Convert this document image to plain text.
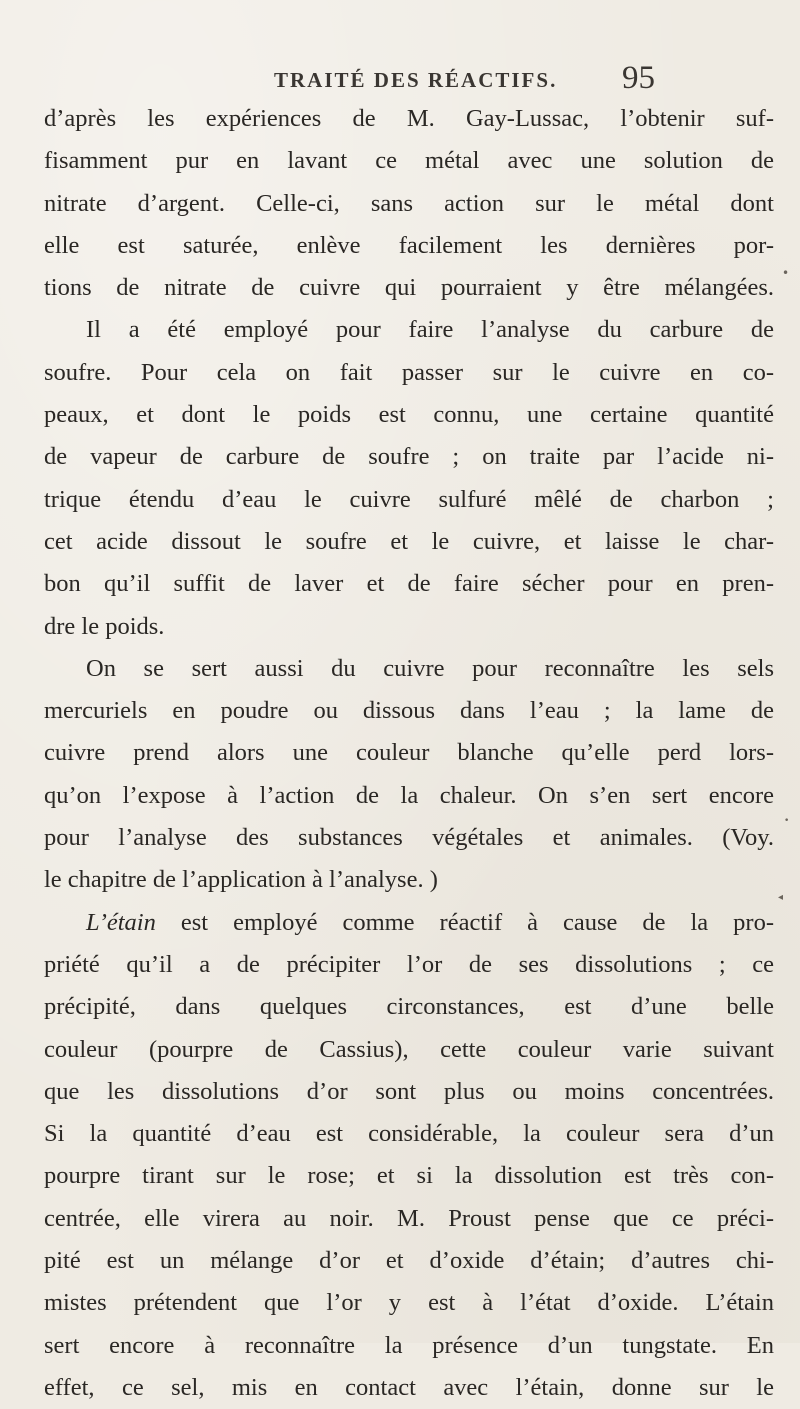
TRAITÉ DES RÉACTIFS. 95
d’après les expériences de M. Gay-Lussac, l’obtenir suf-
fisamment pur en lavant ce métal avec une solution de
nitrate d’argent. Celle-ci, sans action sur le métal dont
elle est saturée, enlève facilement les dernières por-
tions de nitrate de cuivre qui pourraient y être mélangées.
Il a été employé pour faire l’analyse du carbure de
soufre. Pour cela on fait passer sur le cuivre en co-
peaux, et dont le poids est connu, une certaine quantité
de vapeur de carbure de soufre ; on traite par l’acide ni-
trique étendu d’eau le cuivre sulfuré mêlé de charbon ;
cet acide dissout le soufre et le cuivre, et laisse le char-
bon qu’il suffit de laver et de faire sécher pour en pren-
dre le poids.
On se sert aussi du cuivre pour reconnaître les sels
mercuriels en poudre ou dissous dans l’eau ; la lame de
cuivre prend alors une couleur blanche qu’elle perd lors-
qu’on l’expose à l’action de la chaleur. On s’en sert encore
pour l’analyse des substances végétales et animales. (Voy.
le chapitre de l’application à l’analyse. )
L’étain est employé comme réactif à cause de la pro-
priété qu’il a de précipiter l’or de ses dissolutions ; ce
précipité, dans quelques circonstances, est d’une belle
couleur (pourpre de Cassius), cette couleur varie suivant
que les dissolutions d’or sont plus ou moins concentrées.
Si la quantité d’eau est considérable, la couleur sera d’un
pourpre tirant sur le rose; et si la dissolution est très con-
centrée, elle virera au noir. M. Proust pense que ce préci-
pité est un mélange d’or et d’oxide d’étain; d’autres chi-
mistes prétendent que l’or y est à l’état d’oxide. L’étain
sert encore à reconnaître la présence d’un tungstate. En
effet, ce sel, mis en contact avec l’étain, donne sur le
•
•
◂
